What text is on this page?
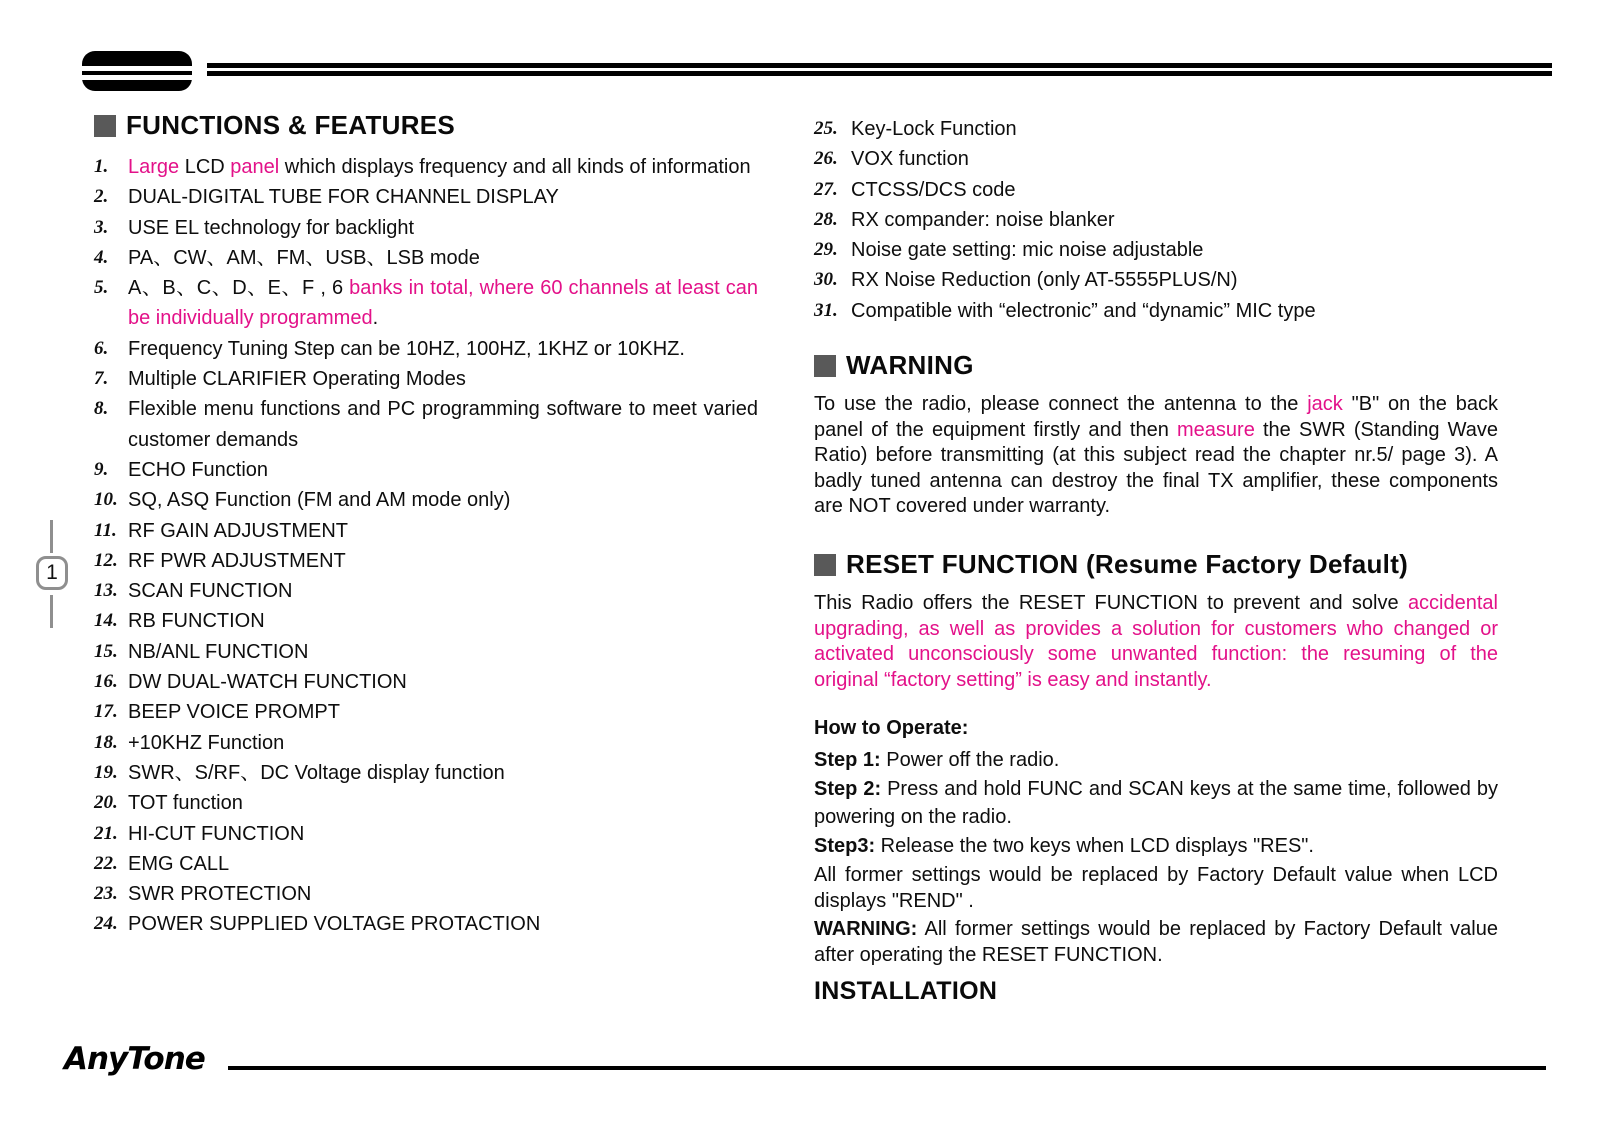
1
FUNCTIONS & FEATURES
1. Large LCD panel which displays frequency and all kinds of information
2. DUAL-DIGITAL TUBE FOR CHANNEL DISPLAY
3. USE EL technology for backlight
4. PA、CW、AM、FM、USB、LSB mode
5. A、B、C、D、E、F , 6 banks in total, where 60 channels at least can be individually programmed.
6. Frequency Tuning Step can be 10HZ, 100HZ, 1KHZ or 10KHZ.
7. Multiple CLARIFIER Operating Modes
8. Flexible menu functions and PC programming software to meet varied customer demands
9. ECHO Function
10. SQ, ASQ Function (FM and AM mode only)
11. RF GAIN ADJUSTMENT
12. RF PWR ADJUSTMENT
13. SCAN FUNCTION
14. RB FUNCTION
15. NB/ANL FUNCTION
16. DW DUAL-WATCH FUNCTION
17. BEEP VOICE PROMPT
18. +10KHZ Function
19. SWR、S/RF、DC Voltage display function
20. TOT function
21. HI-CUT FUNCTION
22. EMG CALL
23. SWR PROTECTION
24. POWER SUPPLIED VOLTAGE PROTACTION
25. Key-Lock Function
26. VOX function
27. CTCSS/DCS code
28. RX compander: noise blanker
29. Noise gate setting: mic noise adjustable
30. RX Noise Reduction (only AT-5555PLUS/N)
31. Compatible with “electronic” and “dynamic” MIC type
WARNING

To use the radio, please connect the antenna to the jack "B" on the back panel of the equipment firstly and then measure the SWR (Standing Wave Ratio) before transmitting (at this subject read the chapter nr.5/ page 3). A badly tuned antenna can destroy the final TX amplifier, these components are NOT covered under warranty.

RESET FUNCTION (Resume Factory Default)

This Radio offers the RESET FUNCTION to prevent and solve accidental upgrading, as well as provides a solution for customers who changed or activated unconsciously some unwanted function: the resuming of the original “factory setting” is easy and instantly.

How to Operate:

Step 1: Power off the radio.

Step 2: Press and hold FUNC and SCAN keys at the same time, followed by powering on the radio.

Step3: Release the two keys when LCD displays "RES".

All former settings would be replaced by Factory Default value when LCD displays "REND" .

WARNING: All former settings would be replaced by Factory Default value after operating the RESET FUNCTION.

INSTALLATION
AnyTone
